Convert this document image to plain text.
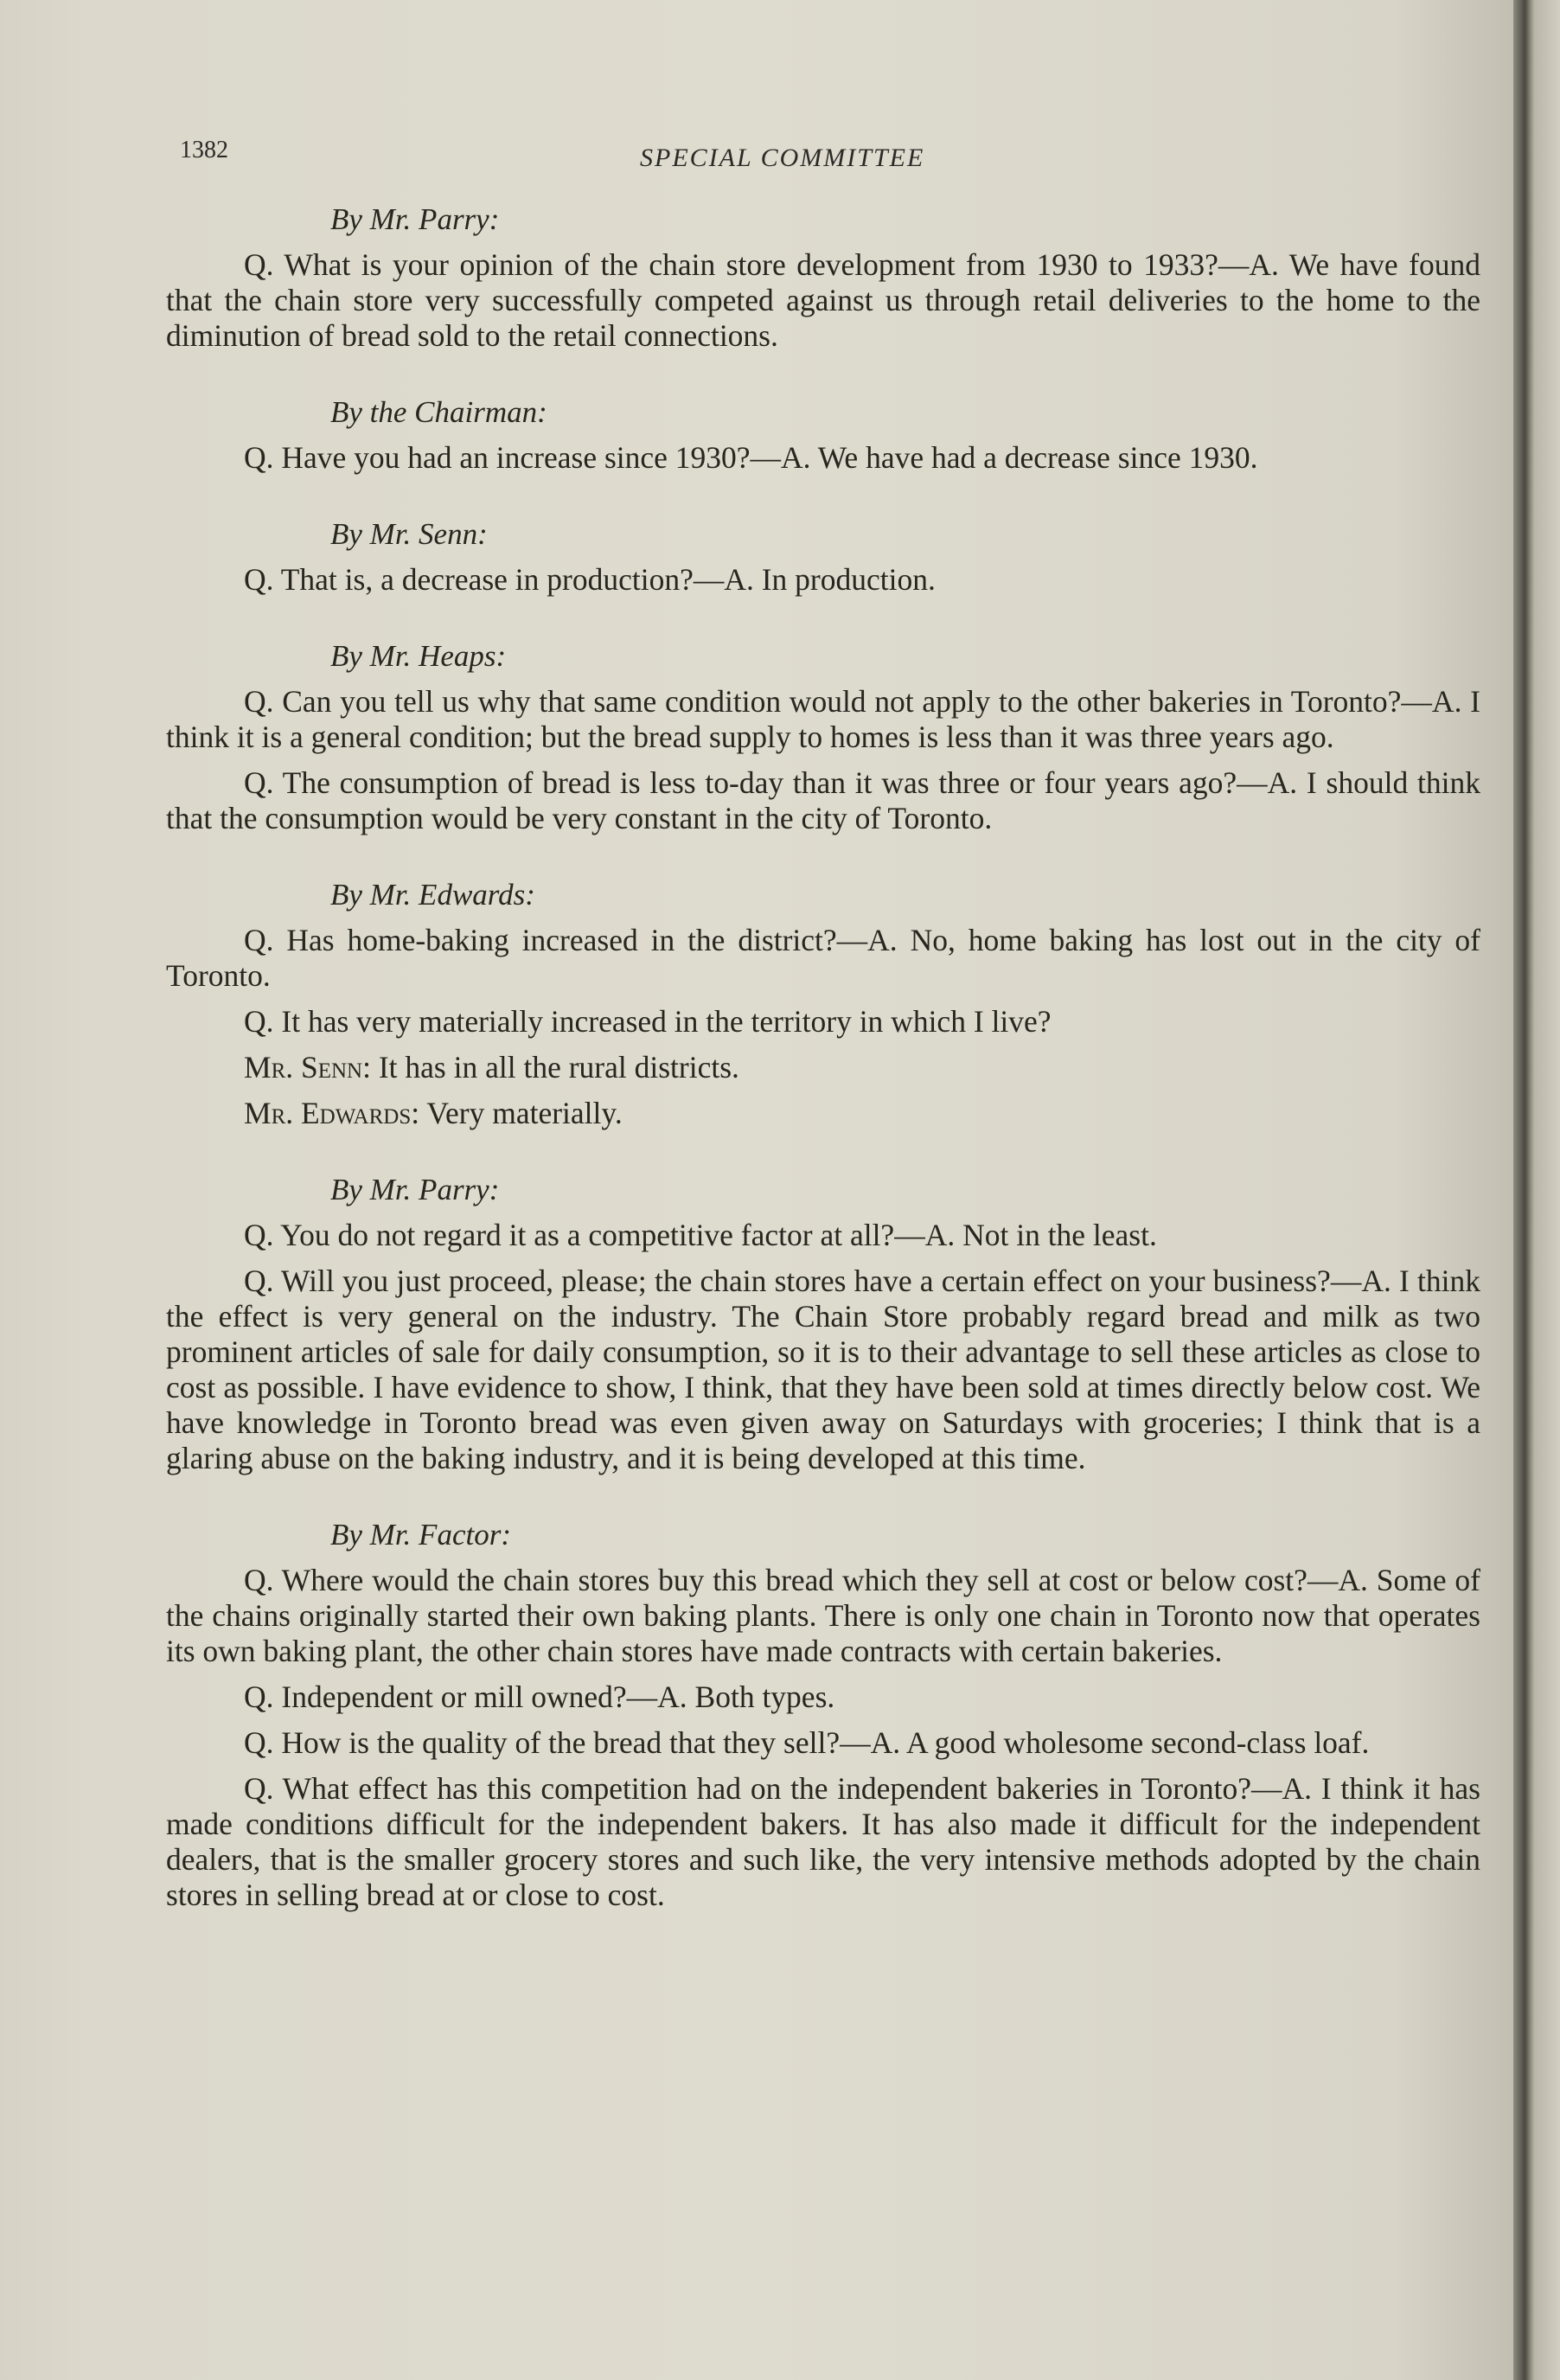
1382	SPECIAL COMMITTEE

By Mr. Parry:

Q. What is your opinion of the chain store development from 1930 to 1933?—A. We have found that the chain store very successfully competed against us through retail deliveries to the home to the diminution of bread sold to the retail connections.

By the Chairman:

Q. Have you had an increase since 1930?—A. We have had a decrease since 1930.

By Mr. Senn:

Q. That is, a decrease in production?—A. In production.

By Mr. Heaps:

Q. Can you tell us why that same condition would not apply to the other bakeries in Toronto?—A. I think it is a general condition; but the bread supply to homes is less than it was three years ago.

Q. The consumption of bread is less to-day than it was three or four years ago?—A. I should think that the consumption would be very constant in the city of Toronto.

By Mr. Edwards:

Q. Has home-baking increased in the district?—A. No, home baking has lost out in the city of Toronto.

Q. It has very materially increased in the territory in which I live?

Mr. Senn: It has in all the rural districts.

Mr. Edwards: Very materially.

By Mr. Parry:

Q. You do not regard it as a competitive factor at all?—A. Not in the least.

Q. Will you just proceed, please; the chain stores have a certain effect on your business?—A. I think the effect is very general on the industry. The Chain Store probably regard bread and milk as two prominent articles of sale for daily consumption, so it is to their advantage to sell these articles as close to cost as possible. I have evidence to show, I think, that they have been sold at times directly below cost. We have knowledge in Toronto bread was even given away on Saturdays with groceries; I think that is a glaring abuse on the baking industry, and it is being developed at this time.

By Mr. Factor:

Q. Where would the chain stores buy this bread which they sell at cost or below cost?—A. Some of the chains originally started their own baking plants. There is only one chain in Toronto now that operates its own baking plant, the other chain stores have made contracts with certain bakeries.

Q. Independent or mill owned?—A. Both types.

Q. How is the quality of the bread that they sell?—A. A good wholesome second-class loaf.

Q. What effect has this competition had on the independent bakeries in Toronto?—A. I think it has made conditions difficult for the independent bakers. It has also made it difficult for the independent dealers, that is the smaller grocery stores and such like, the very intensive methods adopted by the chain stores in selling bread at or close to cost.
